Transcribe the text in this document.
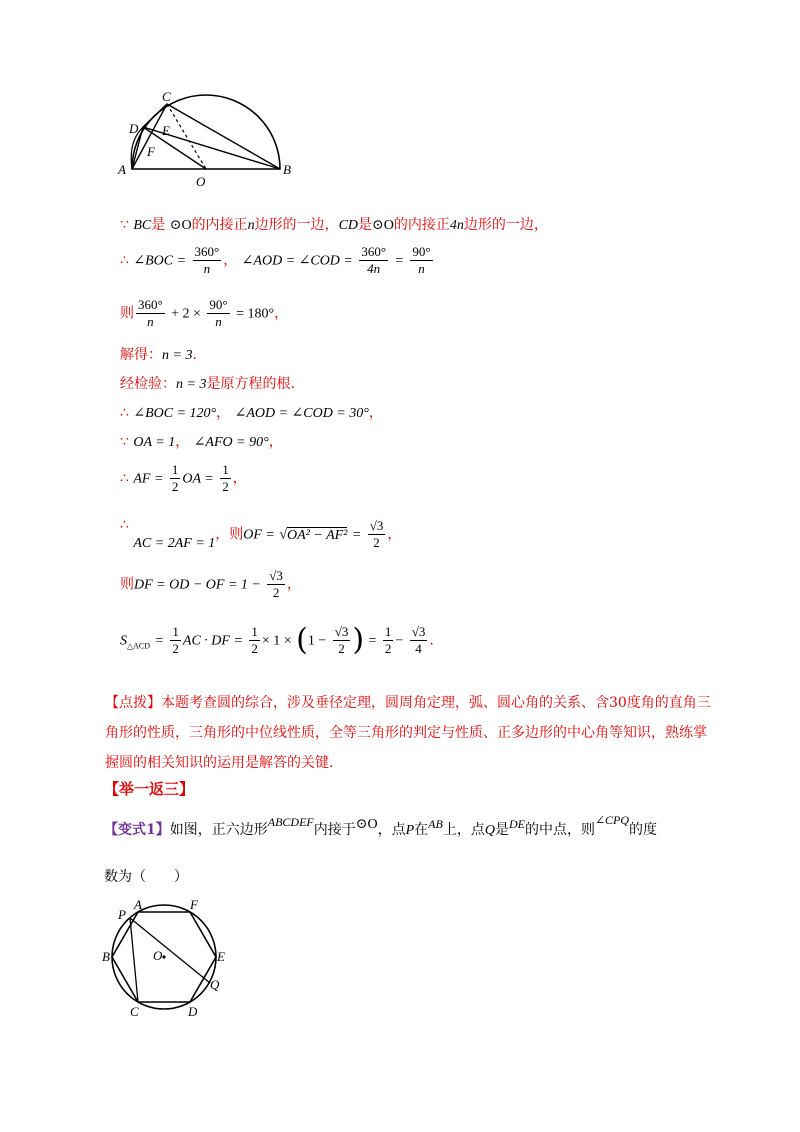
A	B
C
D E
F
O
∵ BC是 ⊙O的内接正n边形的一边，CD是⊙O的内接正4n边形的一边，
∴ ∠BOC = $\frac{360^\circ}{n}$ ， ∠AOD = ∠COD = $\frac{360^\circ}{4n} = \frac{90^\circ}{n}$
则 $\frac{360^\circ}{n} + 2 \times \frac{90^\circ}{n} = 180^\circ$，
解得：n = 3.
经检验：n = 3是原方程的根.
∴ ∠BOC = 120°， ∠AOD = ∠COD = 30°，
∵ OA = 1， ∠AFO = 90°，
∴ AF = $\frac{1}{2}$ OA = $\frac{1}{2}$ ，
∴ AC = 2AF = 1，则OF = $√OA^2 - AF^2 = \frac{√3}{2}$ ，
则DF = OD − OF = $1 - \frac{√3}{2}$ ，
$S_{\triangle ACD} = \frac{1}{2}$ AC · DF = $\frac{1}{2} \times 1 \times (1 - \frac{√3}{2}$ ) = $\frac{1}{2} - \frac{√3}{4}$ .
【点拨】本题考查圆的综合，涉及垂径定理，圆周角定理，弧、圆心角的关系、含30度角的直角三角形的性质，三角形的中位线性质，全等三角形的判定与性质、正多边形的中心角等知识，熟练掌握圆的相关知识的运用是解答的关键.
【举一返三】
【变式1】如图，正六边形ABCDEF内接于⊙O，点P在AB上，点Q是DE的中点，则∠CPQ的度
数为（　　）
P
A	F
B	E
O
Q
C	D
